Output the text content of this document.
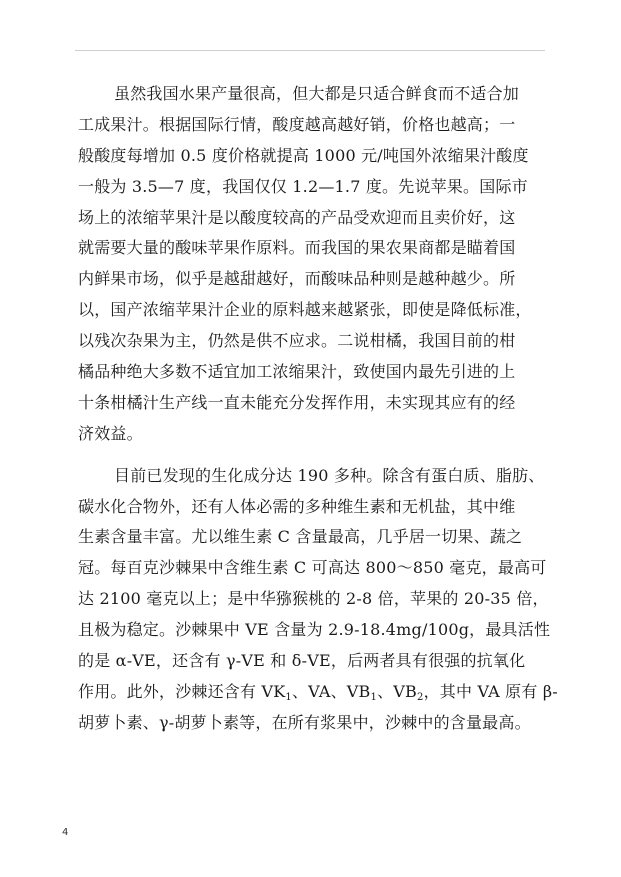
虽然我国水果产量很高，但大都是只适合鲜食而不适合加
工成果汁。根据国际行情，酸度越高越好销，价格也越高；一
般酸度每增加 0.5 度价格就提高 1000 元/吨国外浓缩果汁酸度
一般为 3.5—7 度，我国仅仅 1.2—1.7 度。先说苹果。国际市
场上的浓缩苹果汁是以酸度较高的产品受欢迎而且卖价好，这
就需要大量的酸味苹果作原料。而我国的果农果商都是瞄着国
内鲜果市场，似乎是越甜越好，而酸味品种则是越种越少。所
以，国产浓缩苹果汁企业的原料越来越紧张，即使是降低标准，
以残次杂果为主，仍然是供不应求。二说柑橘，我国目前的柑
橘品种绝大多数不适宜加工浓缩果汁，致使国内最先引进的上
十条柑橘汁生产线一直未能充分发挥作用，未实现其应有的经
济效益。
目前已发现的生化成分达 190 多种。除含有蛋白质、脂肪、
碳水化合物外，还有人体必需的多种维生素和无机盐，其中维
生素含量丰富。尤以维生素 C 含量最高，几乎居一切果、蔬之
冠。每百克沙棘果中含维生素 C 可高达 800～850 毫克，最高可
达 2100 毫克以上；是中华猕猴桃的 2-8 倍，苹果的 20-35 倍，
且极为稳定。沙棘果中 VE 含量为 2.9-18.4mg/100g，最具活性
的是 α-VE，还含有 γ-VE 和 δ-VE，后两者具有很强的抗氧化
作用。此外，沙棘还含有 $VK_1$、VA、$VB_1$、$VB_2$，其中 VA 原有 β-
胡萝卜素、γ-胡萝卜素等，在所有浆果中，沙棘中的含量最高。
4
